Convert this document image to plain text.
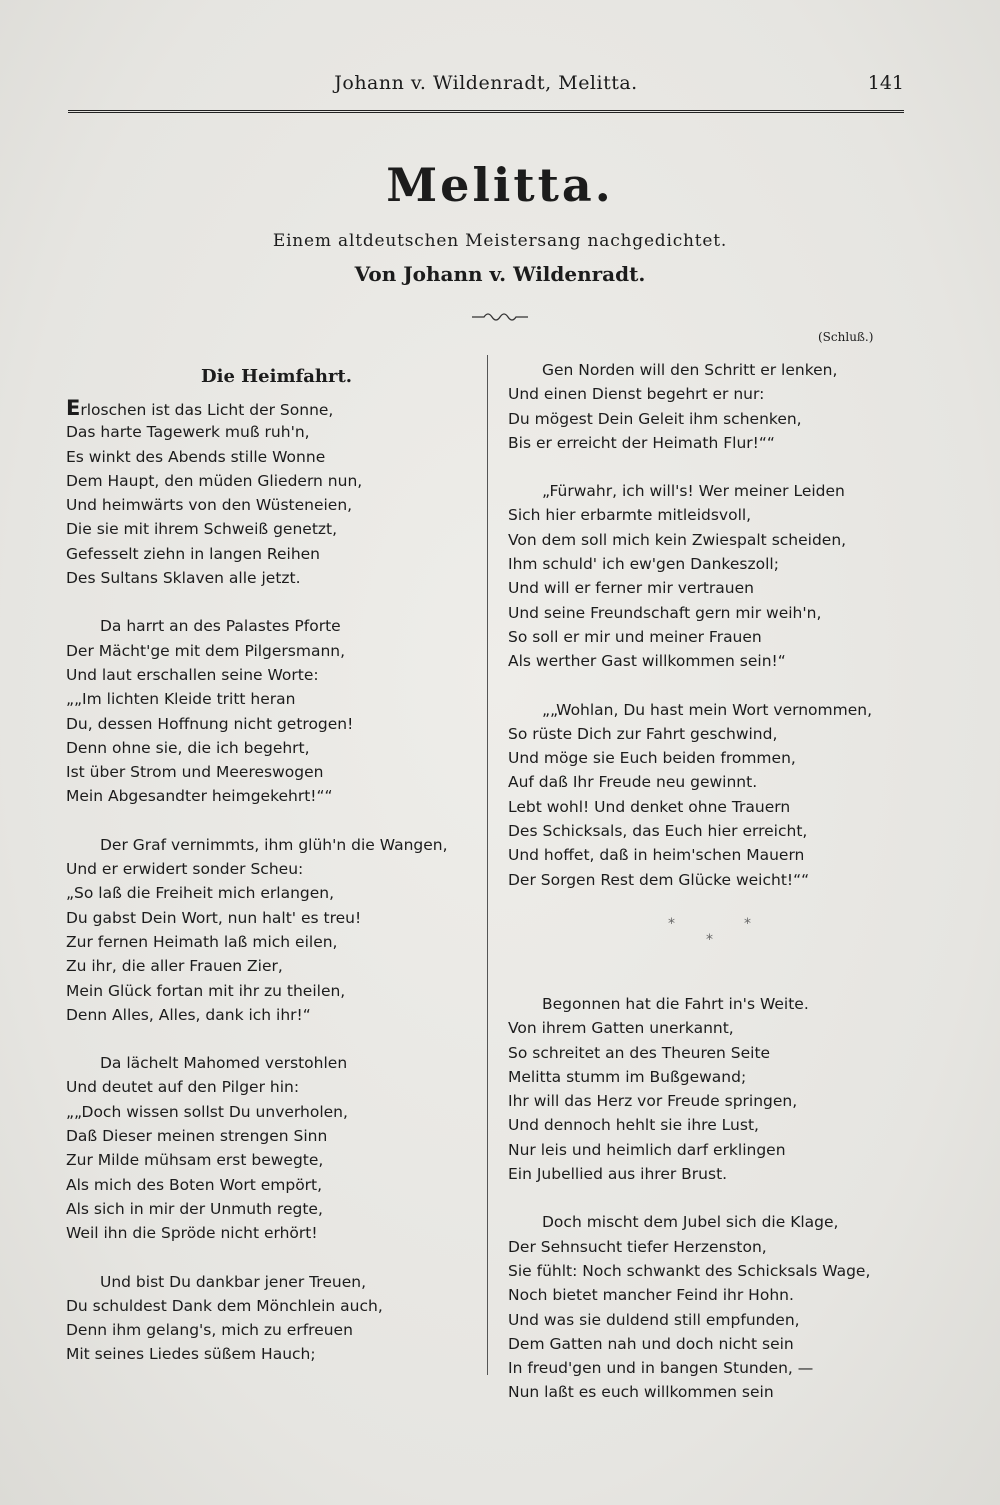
Johann v. Wildenradt, Melitta.	141
Melitta.
Einem altdeutschen Meistersang nachgedichtet.
Von Johann v. Wildenradt.
(Schluß.)
Die Heimfahrt.
Erloschen ist das Licht der Sonne,
Das harte Tagewerk muß ruh'n,
Es winkt des Abends stille Wonne
Dem Haupt, den müden Gliedern nun,
Und heimwärts von den Wüsteneien,
Die sie mit ihrem Schweiß genetzt,
Gefesselt ziehn in langen Reihen
Des Sultans Sklaven alle jetzt.
Da harrt an des Palastes Pforte
Der Mächt'ge mit dem Pilgersmann,
Und laut erschallen seine Worte:
„„Im lichten Kleide tritt heran
Du, dessen Hoffnung nicht getrogen!
Denn ohne sie, die ich begehrt,
Ist über Strom und Meereswogen
Mein Abgesandter heimgekehrt!““
Der Graf vernimmts, ihm glüh'n die Wangen,
Und er erwidert sonder Scheu:
„So laß die Freiheit mich erlangen,
Du gabst Dein Wort, nun halt' es treu!
Zur fernen Heimath laß mich eilen,
Zu ihr, die aller Frauen Zier,
Mein Glück fortan mit ihr zu theilen,
Denn Alles, Alles, dank ich ihr!“
Da lächelt Mahomed verstohlen
Und deutet auf den Pilger hin:
„„Doch wissen sollst Du unverholen,
Daß Dieser meinen strengen Sinn
Zur Milde mühsam erst bewegte,
Als mich des Boten Wort empört,
Als sich in mir der Unmuth regte,
Weil ihn die Spröde nicht erhört!
Und bist Du dankbar jener Treuen,
Du schuldest Dank dem Mönchlein auch,
Denn ihm gelang's, mich zu erfreuen
Mit seines Liedes süßem Hauch;
Gen Norden will den Schritt er lenken,
Und einen Dienst begehrt er nur:
Du mögest Dein Geleit ihm schenken,
Bis er erreicht der Heimath Flur!““
„Fürwahr, ich will's! Wer meiner Leiden
Sich hier erbarmte mitleidsvoll,
Von dem soll mich kein Zwiespalt scheiden,
Ihm schuld' ich ew'gen Dankeszoll;
Und will er ferner mir vertrauen
Und seine Freundschaft gern mir weih'n,
So soll er mir und meiner Frauen
Als werther Gast willkommen sein!“
„„Wohlan, Du hast mein Wort vernommen,
So rüste Dich zur Fahrt geschwind,
Und möge sie Euch beiden frommen,
Auf daß Ihr Freude neu gewinnt.
Lebt wohl! Und denket ohne Trauern
Des Schicksals, das Euch hier erreicht,
Und hoffet, daß in heim'schen Mauern
Der Sorgen Rest dem Glücke weicht!““
*	*
*
Begonnen hat die Fahrt in's Weite.
Von ihrem Gatten unerkannt,
So schreitet an des Theuren Seite
Melitta stumm im Bußgewand;
Ihr will das Herz vor Freude springen,
Und dennoch hehlt sie ihre Lust,
Nur leis und heimlich darf erklingen
Ein Jubellied aus ihrer Brust.
Doch mischt dem Jubel sich die Klage,
Der Sehnsucht tiefer Herzenston,
Sie fühlt: Noch schwankt des Schicksals Wage,
Noch bietet mancher Feind ihr Hohn.
Und was sie duldend still empfunden,
Dem Gatten nah und doch nicht sein
In freud'gen und in bangen Stunden, —
Nun laßt es euch willkommen sein
